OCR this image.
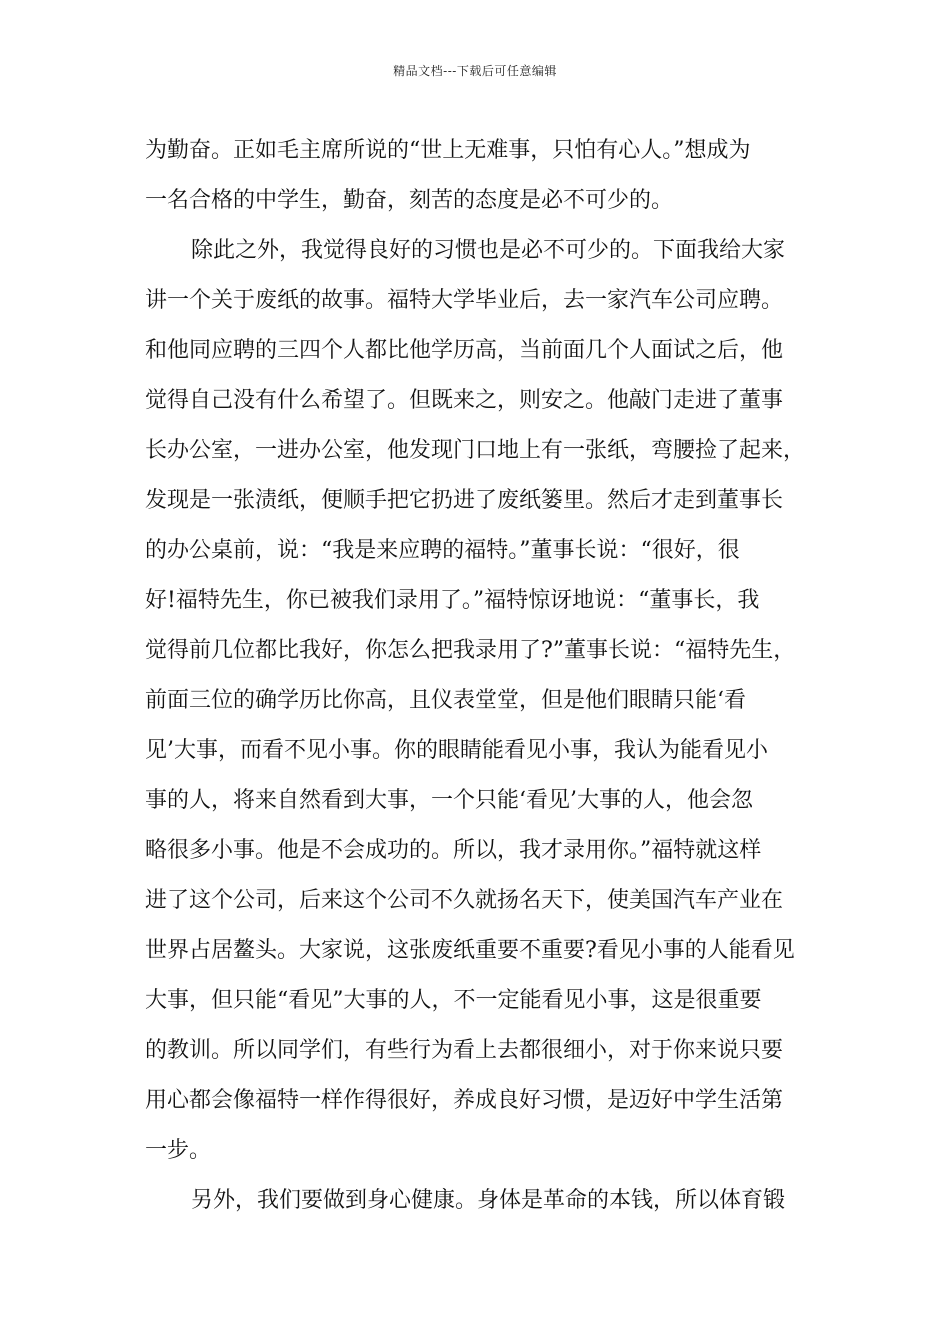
精品文档---下载后可任意编辑
为勤奋。正如毛主席所说的“世上无难事，只怕有心人。”想成为
一名合格的中学生，勤奋，刻苦的态度是必不可少的。
除此之外，我觉得良好的习惯也是必不可少的。下面我给大家
讲一个关于废纸的故事。福特大学毕业后，去一家汽车公司应聘。
和他同应聘的三四个人都比他学历高，当前面几个人面试之后，他
觉得自己没有什么希望了。但既来之，则安之。他敲门走进了董事
长办公室，一进办公室，他发现门口地上有一张纸，弯腰捡了起来，
发现是一张渍纸，便顺手把它扔进了废纸篓里。然后才走到董事长
的办公桌前，说：“我是来应聘的福特。”董事长说：“很好，很
好!福特先生，你已被我们录用了。”福特惊讶地说：“董事长，我
觉得前几位都比我好，你怎么把我录用了?”董事长说：“福特先生，
前面三位的确学历比你高，且仪表堂堂，但是他们眼睛只能‘看
见’大事，而看不见小事。你的眼睛能看见小事，我认为能看见小
事的人，将来自然看到大事，一个只能‘看见’大事的人，他会忽
略很多小事。他是不会成功的。所以，我才录用你。”福特就这样
进了这个公司，后来这个公司不久就扬名天下，使美国汽车产业在
世界占居鳌头。大家说，这张废纸重要不重要?看见小事的人能看见
大事，但只能“看见”大事的人，不一定能看见小事，这是很重要
的教训。所以同学们，有些行为看上去都很细小，对于你来说只要
用心都会像福特一样作得很好，养成良好习惯，是迈好中学生活第
一步。
另外，我们要做到身心健康。身体是革命的本钱，所以体育锻
